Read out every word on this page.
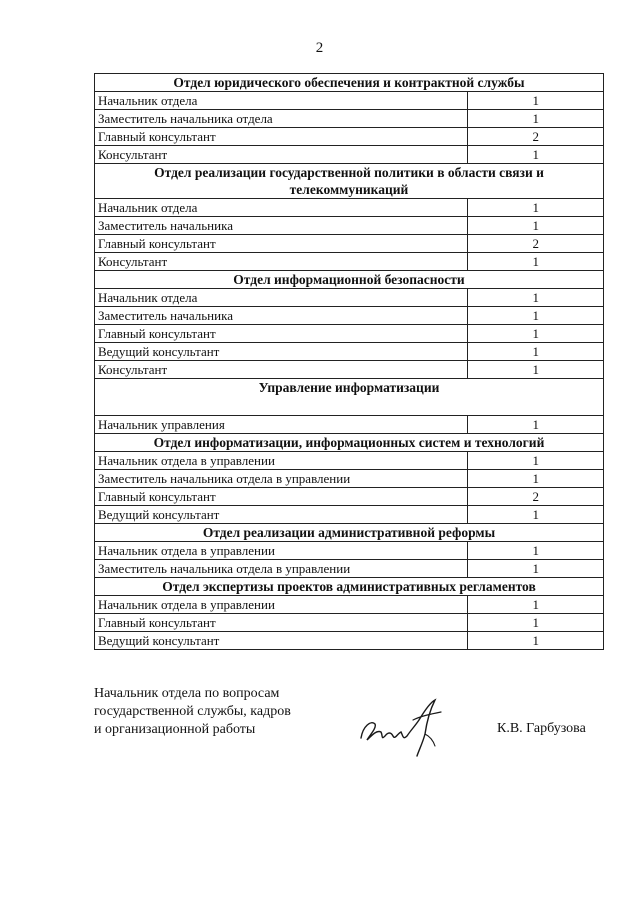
2
Отдел юридического обеспечения и контрактной службы	
Начальник отдела	1
Заместитель начальника отдела	1
Главный консультант	2
Консультант	1
Отдел реализации государственной политики в области связи и телекоммуникаций	
Начальник отдела	1
Заместитель начальника	1
Главный консультант	2
Консультант	1
Отдел информационной безопасности	
Начальник отдела	1
Заместитель начальника	1
Главный консультант	1
Ведущий консультант	1
Консультант	1
Управление информатизации	
Начальник управления	1
Отдел информатизации, информационных систем и технологий	
Начальник отдела в управлении	1
Заместитель начальника отдела в управлении	1
Главный консультант	2
Ведущий консультант	1
Отдел реализации административной реформы	
Начальник отдела в управлении	1
Заместитель начальника отдела в управлении	1
Отдел экспертизы проектов административных регламентов	
Начальник отдела в управлении	1
Главный консультант	1
Ведущий консультант	1
Начальник отдела по вопросам
государственной службы, кадров
и организационной работы	К.В. Гарбузова
